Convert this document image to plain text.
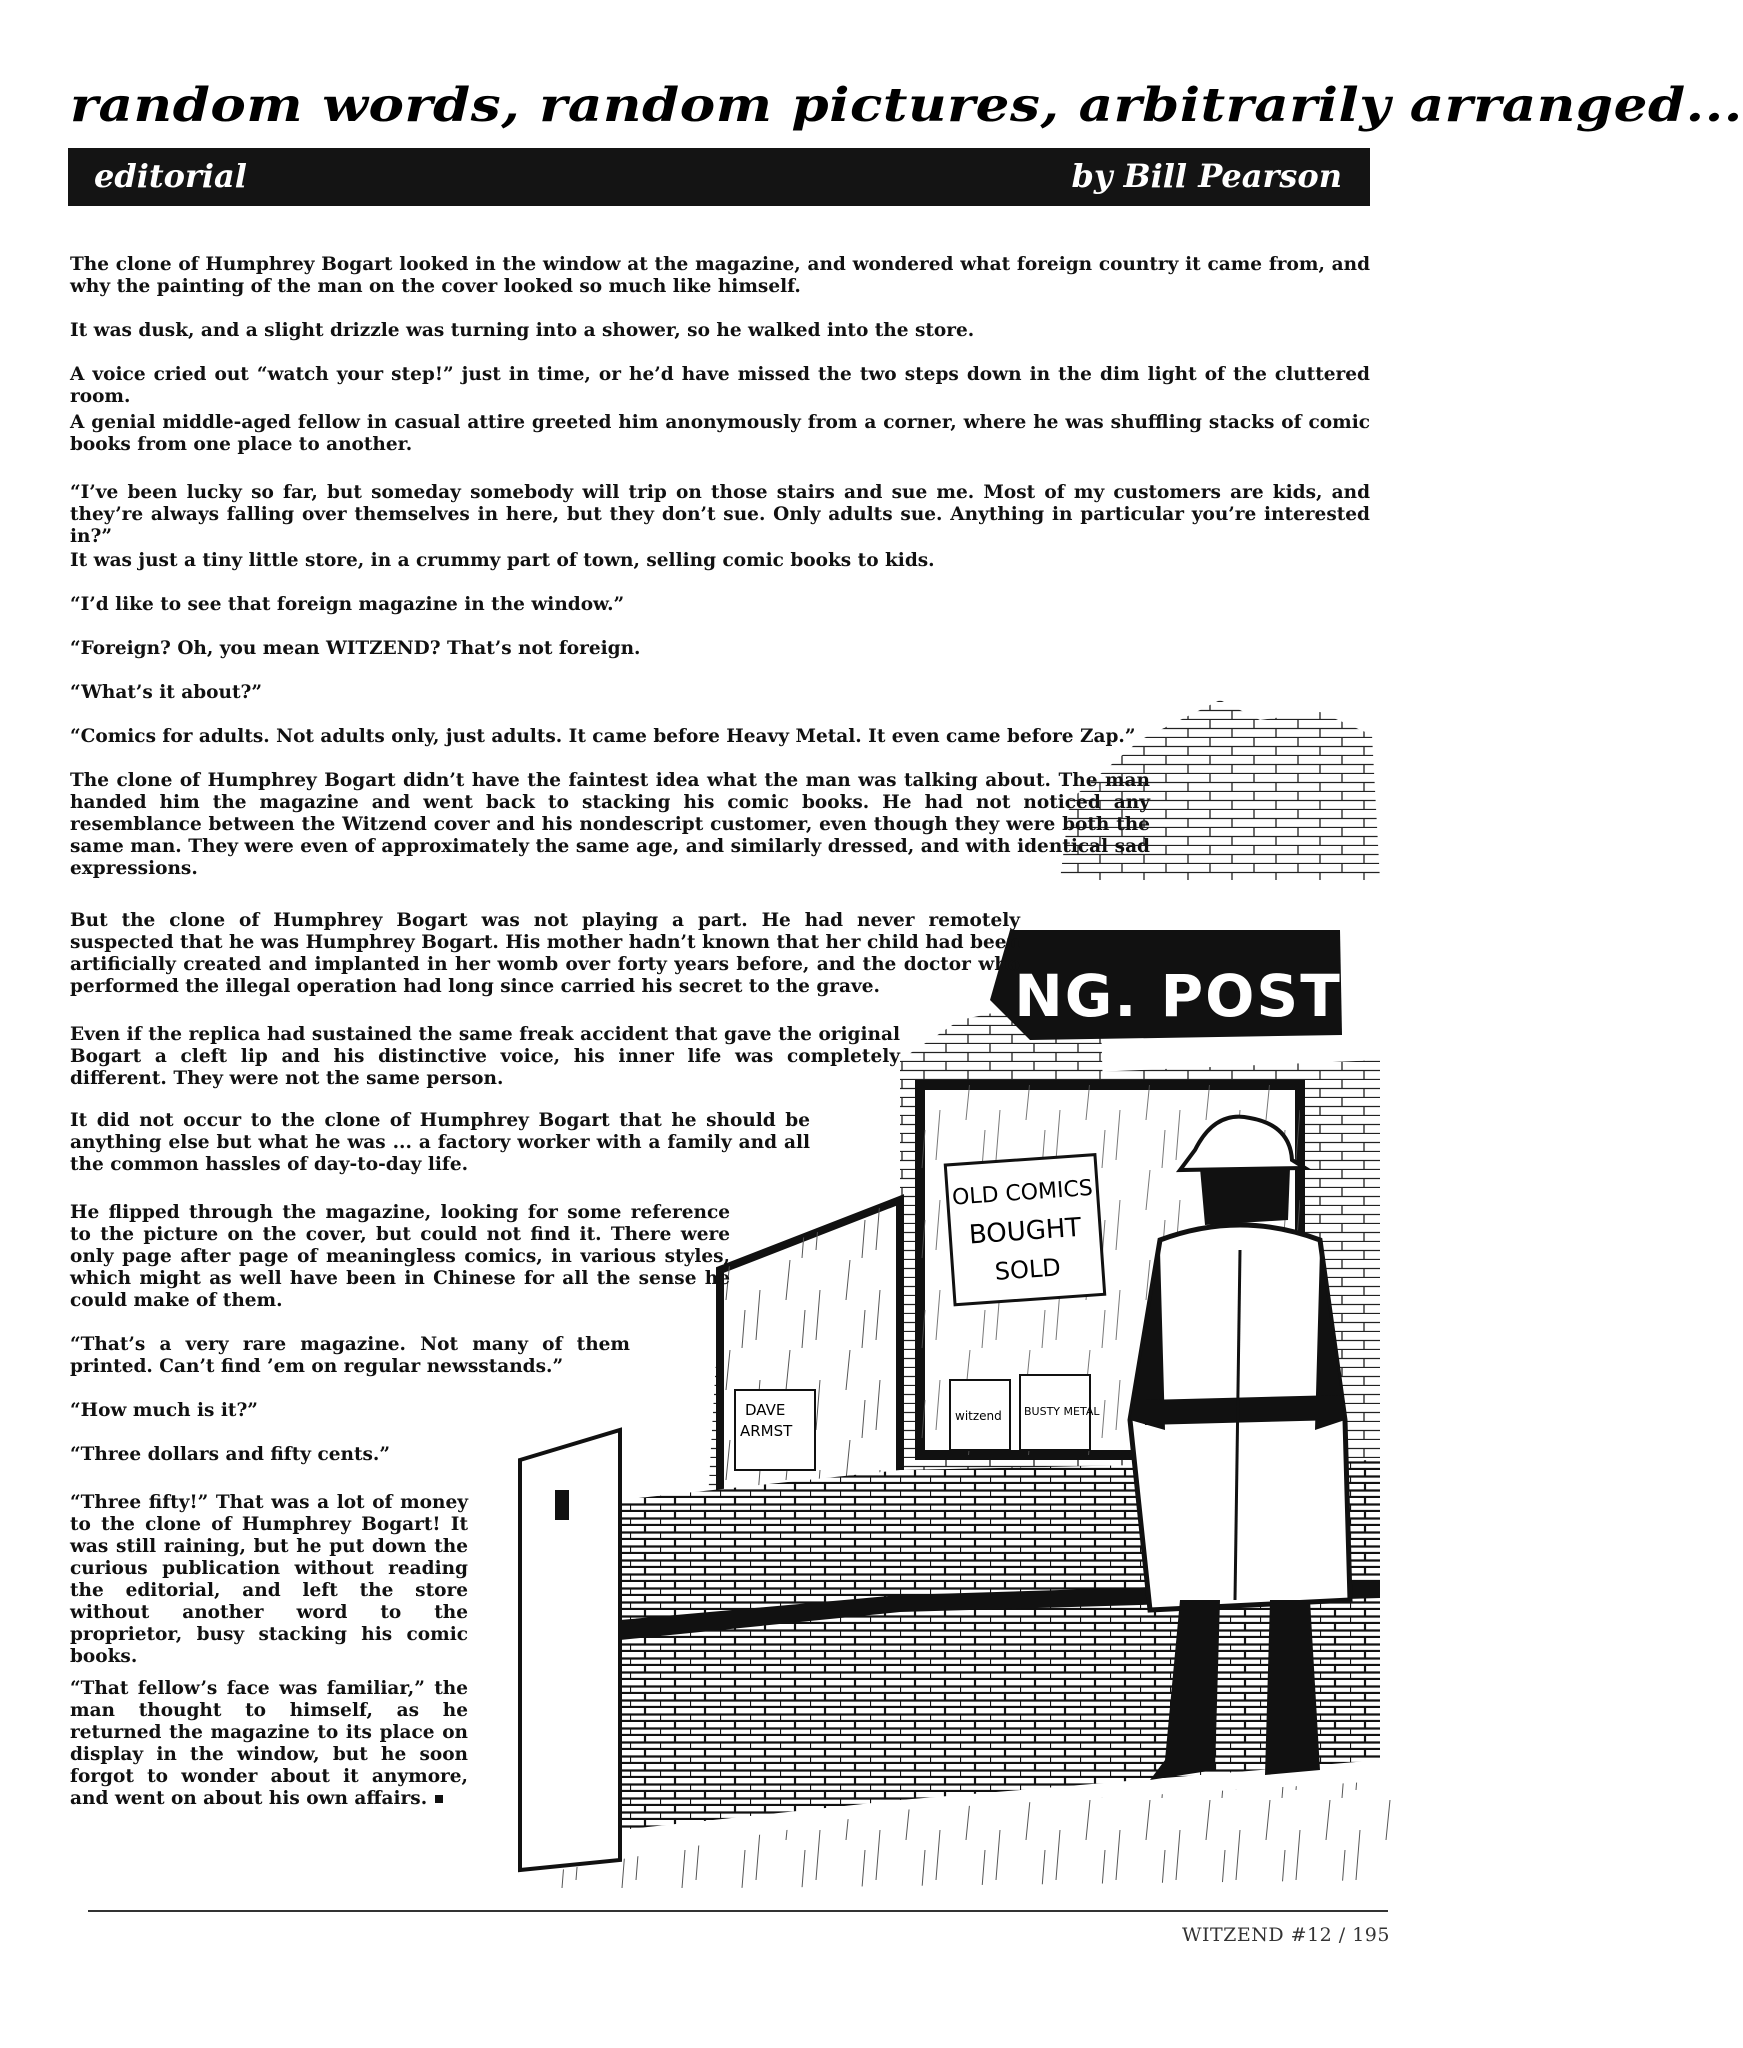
random words, random pictures, arbitrarily arranged...
editorial	by Bill Pearson
NG. POST
OLD COMICS
BOUGHT
SOLD
witzend BUSTY METAL
DAVE
ARMST

The clone of Humphrey Bogart looked in the window at the magazine, and wondered what foreign country it came from, and why the painting of the man on the cover looked so much like himself.

It was dusk, and a slight drizzle was turning into a shower, so he walked into the store.

A voice cried out “watch your step!” just in time, or he’d have missed the two steps down in the dim light of the cluttered room.

A genial middle-aged fellow in casual attire greeted him anonymously from a corner, where he was shuffling stacks of comic books from one place to another.

“I’ve been lucky so far, but someday somebody will trip on those stairs and sue me. Most of my customers are kids, and they’re always falling over themselves in here, but they don’t sue. Only adults sue. Anything in particular you’re interested in?”

It was just a tiny little store, in a crummy part of town, selling comic books to kids.

“I’d like to see that foreign magazine in the window.”

“Foreign? Oh, you mean WITZEND? That’s not foreign.

“What’s it about?”

“Comics for adults. Not adults only, just adults. It came before Heavy Metal. It even came before Zap.”

The clone of Humphrey Bogart didn’t have the faintest idea what the man was talking about. The man handed him the magazine and went back to stacking his comic books. He had not noticed any resemblance between the Witzend cover and his nondescript customer, even though they were both the same man. They were even of approximately the same age, and similarly dressed, and with identical sad expressions.

But the clone of Humphrey Bogart was not playing a part. He had never remotely suspected that he was Humphrey Bogart. His mother hadn’t known that her child had been artificially created and implanted in her womb over forty years before, and the doctor who performed the illegal operation had long since carried his secret to the grave.

Even if the replica had sustained the same freak accident that gave the original Bogart a cleft lip and his distinctive voice, his inner life was completely different. They were not the same person.

It did not occur to the clone of Humphrey Bogart that he should be anything else but what he was ... a factory worker with a family and all the common hassles of day-to-day life.

He flipped through the magazine, looking for some reference to the picture on the cover, but could not find it. There were only page after page of meaningless comics, in various styles, which might as well have been in Chinese for all the sense he could make of them.

“That’s a very rare magazine. Not many of them printed. Can’t find ’em on regular newsstands.”

“How much is it?”

“Three dollars and fifty cents.”

“Three fifty!” That was a lot of money to the clone of Humphrey Bogart! It was still raining, but he put down the curious publication without reading the editorial, and left the store without another word to the proprietor, busy stacking his comic books.

“That fellow’s face was familiar,” the man thought to himself, as he returned the magazine to its place on display in the window, but he soon forgot to wonder about it anymore, and went on about his own affairs.

WITZEND #12 / 195
